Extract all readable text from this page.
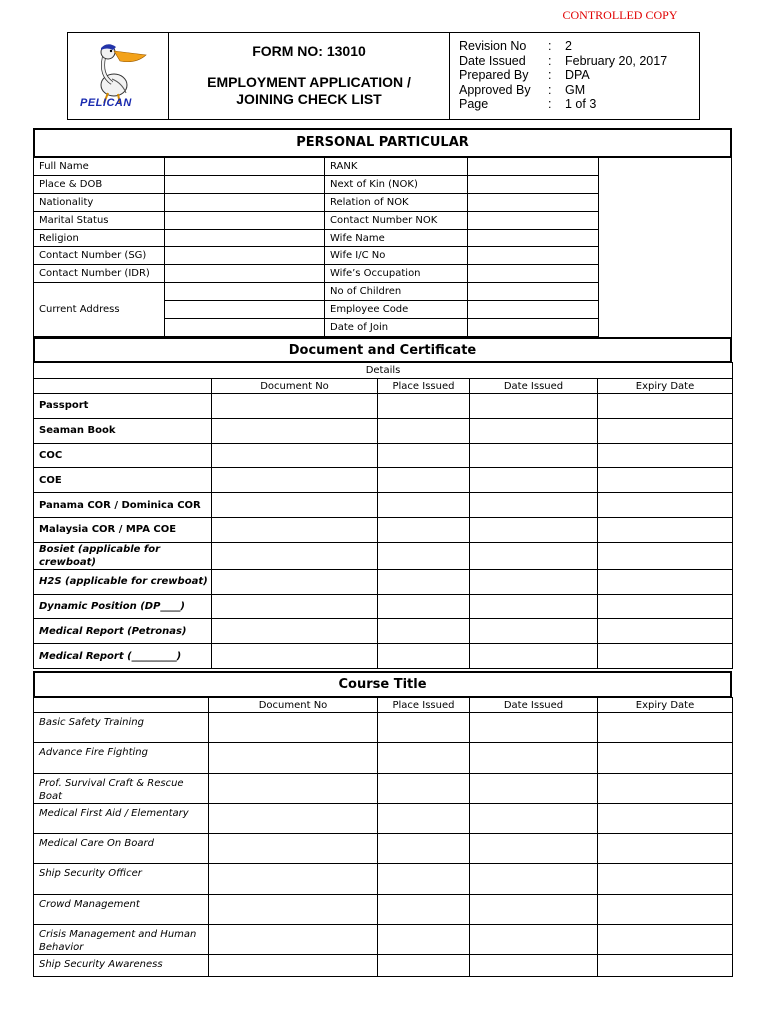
CONTROLLED COPY
PELICAN
FORM NO: 13010
EMPLOYMENT APPLICATION /
JOINING CHECK LIST
Revision No	:	2
Date Issued	:	February 20, 2017
Prepared By	:	DPA
Approved By	:	GM
Page	:	1 of 3
PERSONAL PARTICULAR
Full Name		RANK	
Place & DOB		Next of Kin (NOK)	
Nationality		Relation of NOK	
Marital Status		Contact Number NOK	
Religion		Wife Name	
Contact Number (SG)		Wife I/C No	
Contact Number (IDR)		Wife’s Occupation	
Current Address		No of Children	
		Employee Code	
		Date of Join	
Document and Certificate
Details				
	Document No	Place Issued	Date Issued	Expiry Date
Passport				
Seaman Book				
COC				
COE				
Panama COR / Dominica COR				
Malaysia COR / MPA COE				
Bosiet (applicable for crewboat)				
H2S (applicable for crewboat)				
Dynamic Position (DP____)				
Medical Report (Petronas)				
Medical Report (_________)				
Course Title
	Document No	Place Issued	Date Issued	Expiry Date
Basic Safety Training				
Advance Fire Fighting				
Prof. Survival Craft & Rescue Boat				
Medical First Aid / Elementary				
Medical Care On Board				
Ship Security Officer				
Crowd Management				
Crisis Management and Human Behavior				
Ship Security Awareness				
